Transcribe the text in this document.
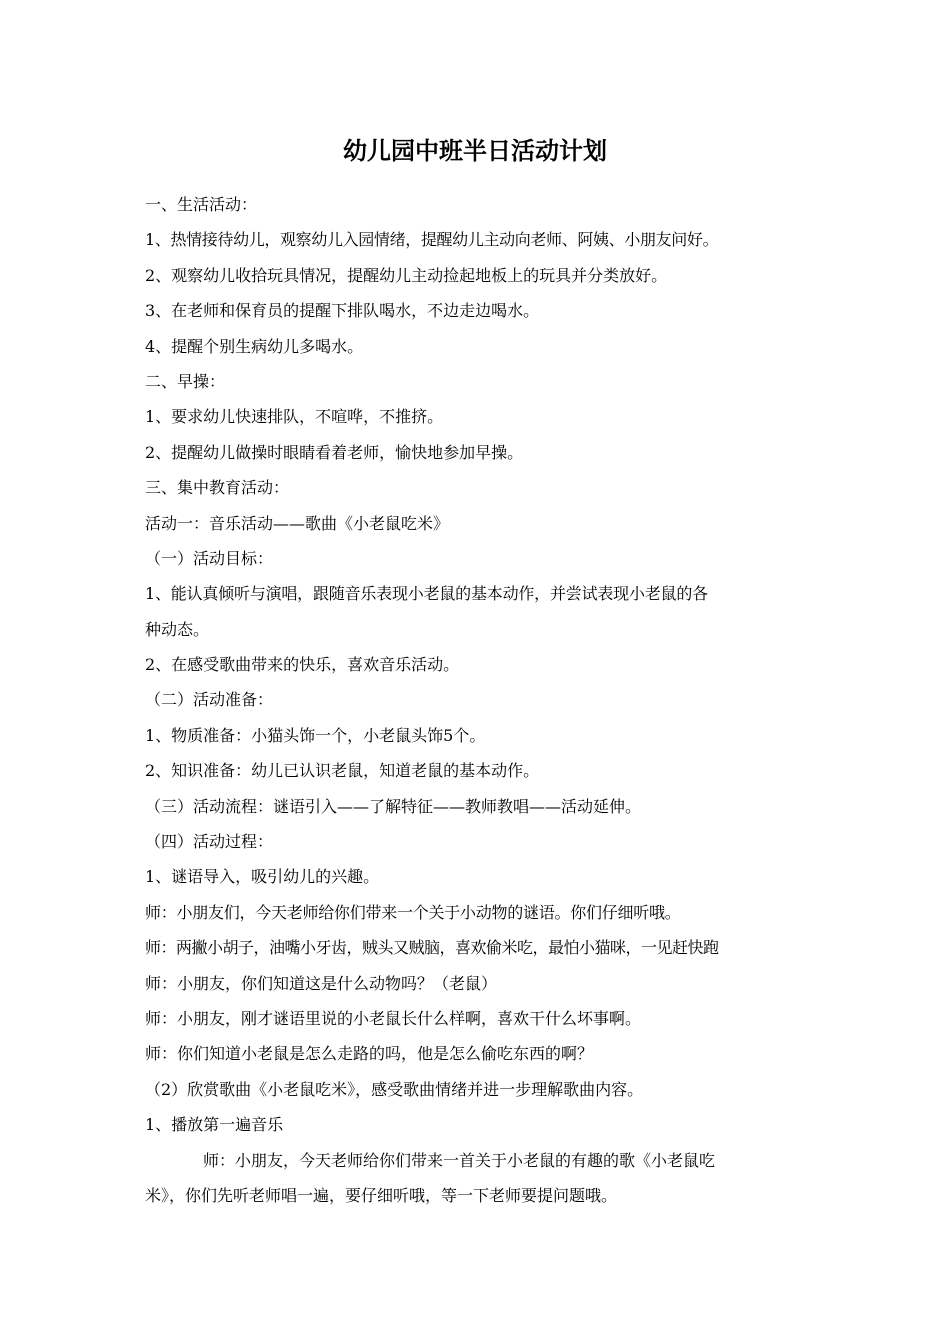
幼儿园中班半日活动计划
一、生活活动：
1、热情接待幼儿，观察幼儿入园情绪，提醒幼儿主动向老师、阿姨、小朋友问好。
2、观察幼儿收拾玩具情况，提醒幼儿主动捡起地板上的玩具并分类放好。
3、在老师和保育员的提醒下排队喝水，不边走边喝水。
4、提醒个别生病幼儿多喝水。
二、早操：
1、要求幼儿快速排队，不喧哗，不推挤。
2、提醒幼儿做操时眼睛看着老师，愉快地参加早操。
三、集中教育活动：
活动一：音乐活动——歌曲《小老鼠吃米》
（一）活动目标：
1、能认真倾听与演唱，跟随音乐表现小老鼠的基本动作，并尝试表现小老鼠的各
种动态。
2、在感受歌曲带来的快乐，喜欢音乐活动。
（二）活动准备：
1、物质准备：小猫头饰一个，小老鼠头饰5个。
2、知识准备：幼儿已认识老鼠，知道老鼠的基本动作。
（三）活动流程：谜语引入——了解特征——教师教唱——活动延伸。
（四）活动过程：
1、谜语导入，吸引幼儿的兴趣。
师：小朋友们，今天老师给你们带来一个关于小动物的谜语。你们仔细听哦。
师：两撇小胡子，油嘴小牙齿，贼头又贼脑，喜欢偷米吃，最怕小猫咪，一见赶快跑
师：小朋友，你们知道这是什么动物吗？（老鼠）
师：小朋友，刚才谜语里说的小老鼠长什么样啊，喜欢干什么坏事啊。
师：你们知道小老鼠是怎么走路的吗，他是怎么偷吃东西的啊？
（2）欣赏歌曲《小老鼠吃米》，感受歌曲情绪并进一步理解歌曲内容。
1、播放第一遍音乐
师：小朋友，今天老师给你们带来一首关于小老鼠的有趣的歌《小老鼠吃
米》，你们先听老师唱一遍，要仔细听哦，等一下老师要提问题哦。
